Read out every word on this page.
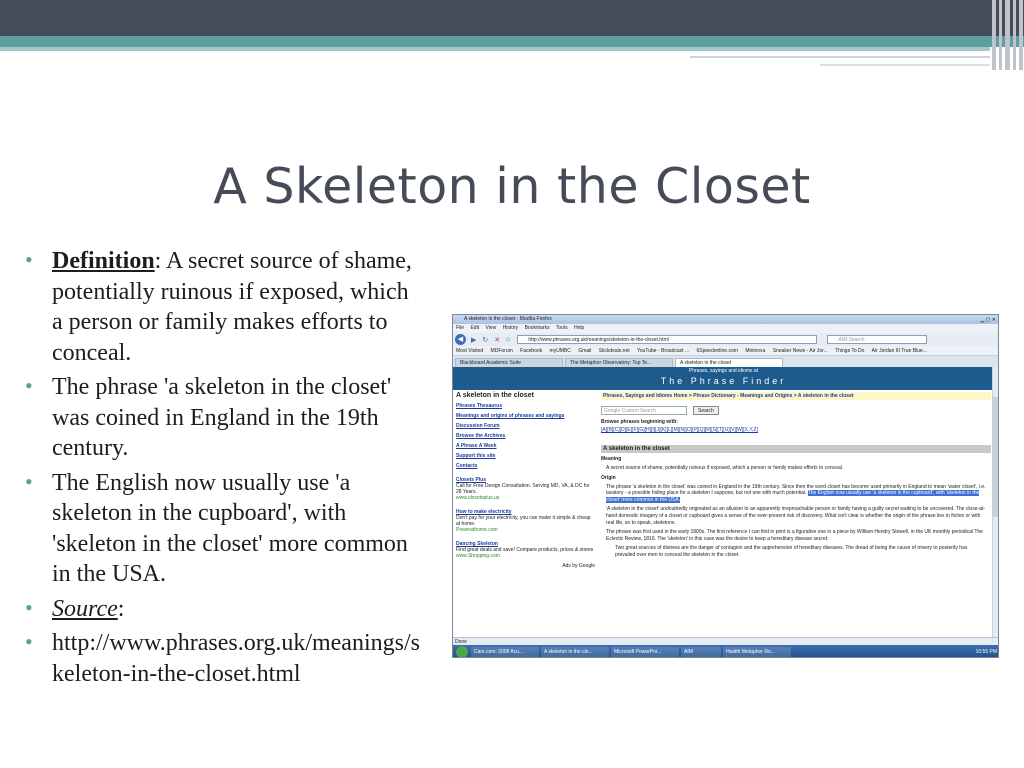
A Skeleton in the Closet
• Definition: A secret source of shame, potentially ruinous if exposed, which a person or family makes efforts to conceal.
• The phrase 'a skeleton in the closet' was coined in England in the 19th century.
• The English now usually use 'a skeleton in the cupboard', with 'skeleton in the closet' more common in the USA.
• Source:
• http://www.phrases.org.uk/meanings/skeleton-in-the-closet.html
A skeleton in the closet - Mozilla Firefox	▁ ▢ ✕
File Edit View History Bookmarks Tools Help
◀	▶ ↻ ✕ ⌂	http://www.phrases.org.uk/meanings/skeleton-in-the-closet.html	AIM Search
Most Visited MDForum Facebook myUMBC Gmail Slickdeals.net YouTube - Broadcast ... 6Speedonline.com Mininova Sneaker News - Air Jor... Things To Do Air Jordan III True Blue...
Blackboard Academic Suite	The Metaphor Observatory: Top Te...	A skeleton in the closet
Phrases, sayings and idioms at
The Phrase Finder
A skeleton in the closet
Phrases Thesaurus
Meanings and origins of phrases and sayings
Discussion Forum
Browse the Archives
A Phrase A Week
Support this site
Contacts
Closets Plus
Call for Free Design Consultation. Serving MD, VA, & DC for 28 Years.
www.closetsplus.us
How to make electricity
Don't pay for your electricity, you can make it simple & cheap at home.
Powerathome.com
Dancing Skeleton
Find great deals and save! Compare products, prices & stores
www.Shopping.com
Ads by Google
Phrases, Sayings and Idioms Home > Phrase Dictionary - Meanings and Origins > A skeleton in the closet
Google Custom Search	Search
Browse phrases beginning with:
[A][B][C][D][E][F][G][H][I][J][K][L][M][N][O][P][Q][R][S][T][U][V][W][X,Y,Z]
A skeleton in the closet
Meaning
A secret source of shame, potentially ruinous if exposed, which a person or family makes efforts to conceal.
Origin
The phrase 'a skeleton in the closet' was coined in England in the 19th century. Since then the word closet has become used primarily in England to mean 'water closet', i.e. lavatory - a possible hiding place for a skeleton I suppose, but not one with much potential. The English now usually use 'a skeleton in the cupboard', with 'skeleton in the closet' more common in the USA.
'A skeleton in the closet' undoubtedly originated as an allusion to an apparently irreproachable person or family having a guilty secret waiting to be uncovered. The close-at-hand domestic imagery of a closet or cupboard gives a sense of the ever-present risk of discovery. What isn't clear is whether the origin of the phrase lies in fiction or with real life, so to speak, skeletons.
The phrase was first used in the early 1800s. The first reference I can find in print is a figurative one in a piece by William Hendry Stowell, in the UK monthly periodical The Eclectic Review, 1816. The 'skeleton' in this case was the desire to keep a hereditary disease secret:
Two great sources of distress are the danger of contagion and the apprehension of hereditary diseases. The dread of being the cause of misery to posterity has prevailed over men to conceal the skeleton in the closet.
Done
Cars.com: 2008 Acu...	A skeleton in the clo...	Microsoft PowerPoi...	AIM	Health Metaphor Ro...	10:55 PM
